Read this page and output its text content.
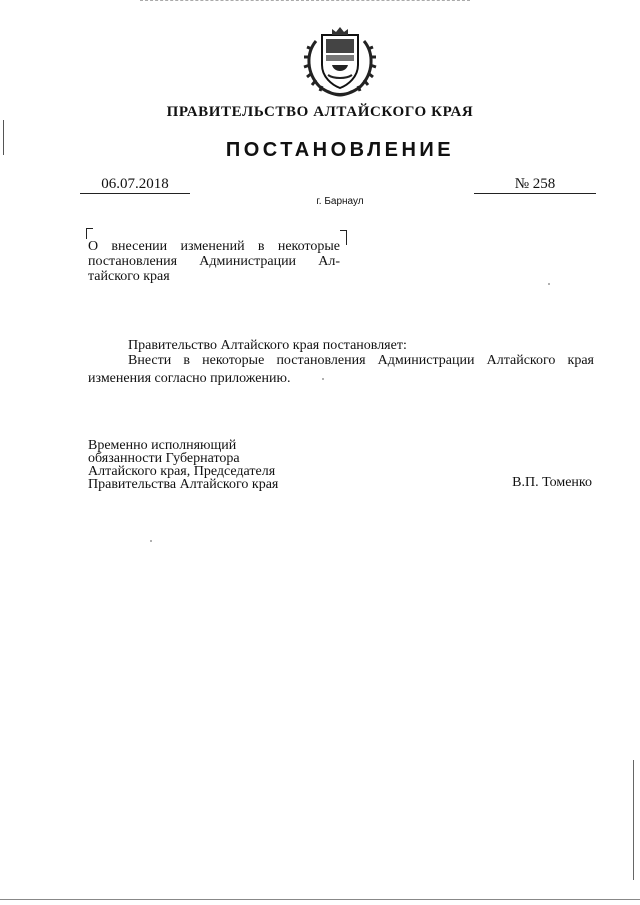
ПРАВИТЕЛЬСТВО АЛТАЙСКОГО КРАЯ
ПОСТАНОВЛЕНИЕ
06.07.2018	№ 258
г. Барнаул
О внесении изменений в некоторые
постановления Администрации Ал-
тайского края
Правительство Алтайского края постановляет:
Внести в некоторые постановления Администрации Алтайского края изменения согласно приложению.
Временно исполняющий
обязанности Губернатора
Алтайского края, Председателя
Правительства Алтайского края	В.П. Томенко
